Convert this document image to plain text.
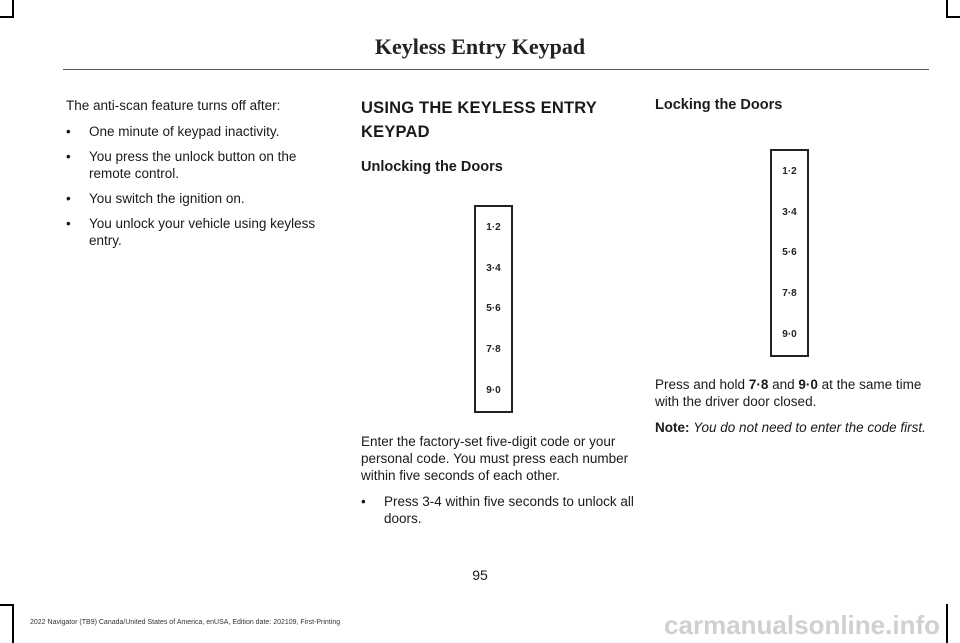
Keyless Entry Keypad

The anti-scan feature turns off after:

•	One minute of keypad inactivity.
•	You press the unlock button on the remote control.
•	You switch the ignition on.
•	You unlock your vehicle using keyless entry.
USING THE KEYLESS ENTRY
KEYPAD
Unlocking the Doors
1·2
3·4
5·6
7·8
9·0

Enter the factory-set five-digit code or your personal code. You must press each number within five seconds of each other.

•	Press 3-4 within five seconds to unlock all doors.
Locking the Doors
1·2
3·4
5·6
7·8
9·0

Press and hold 7·8 and 9·0 at the same time with the driver door closed.

Note: You do not need to enter the code first.

95
2022 Navigator (TB9) Canada/United States of America, enUSA, Edition date: 202109, First-Printing	carmanualsonline.info
